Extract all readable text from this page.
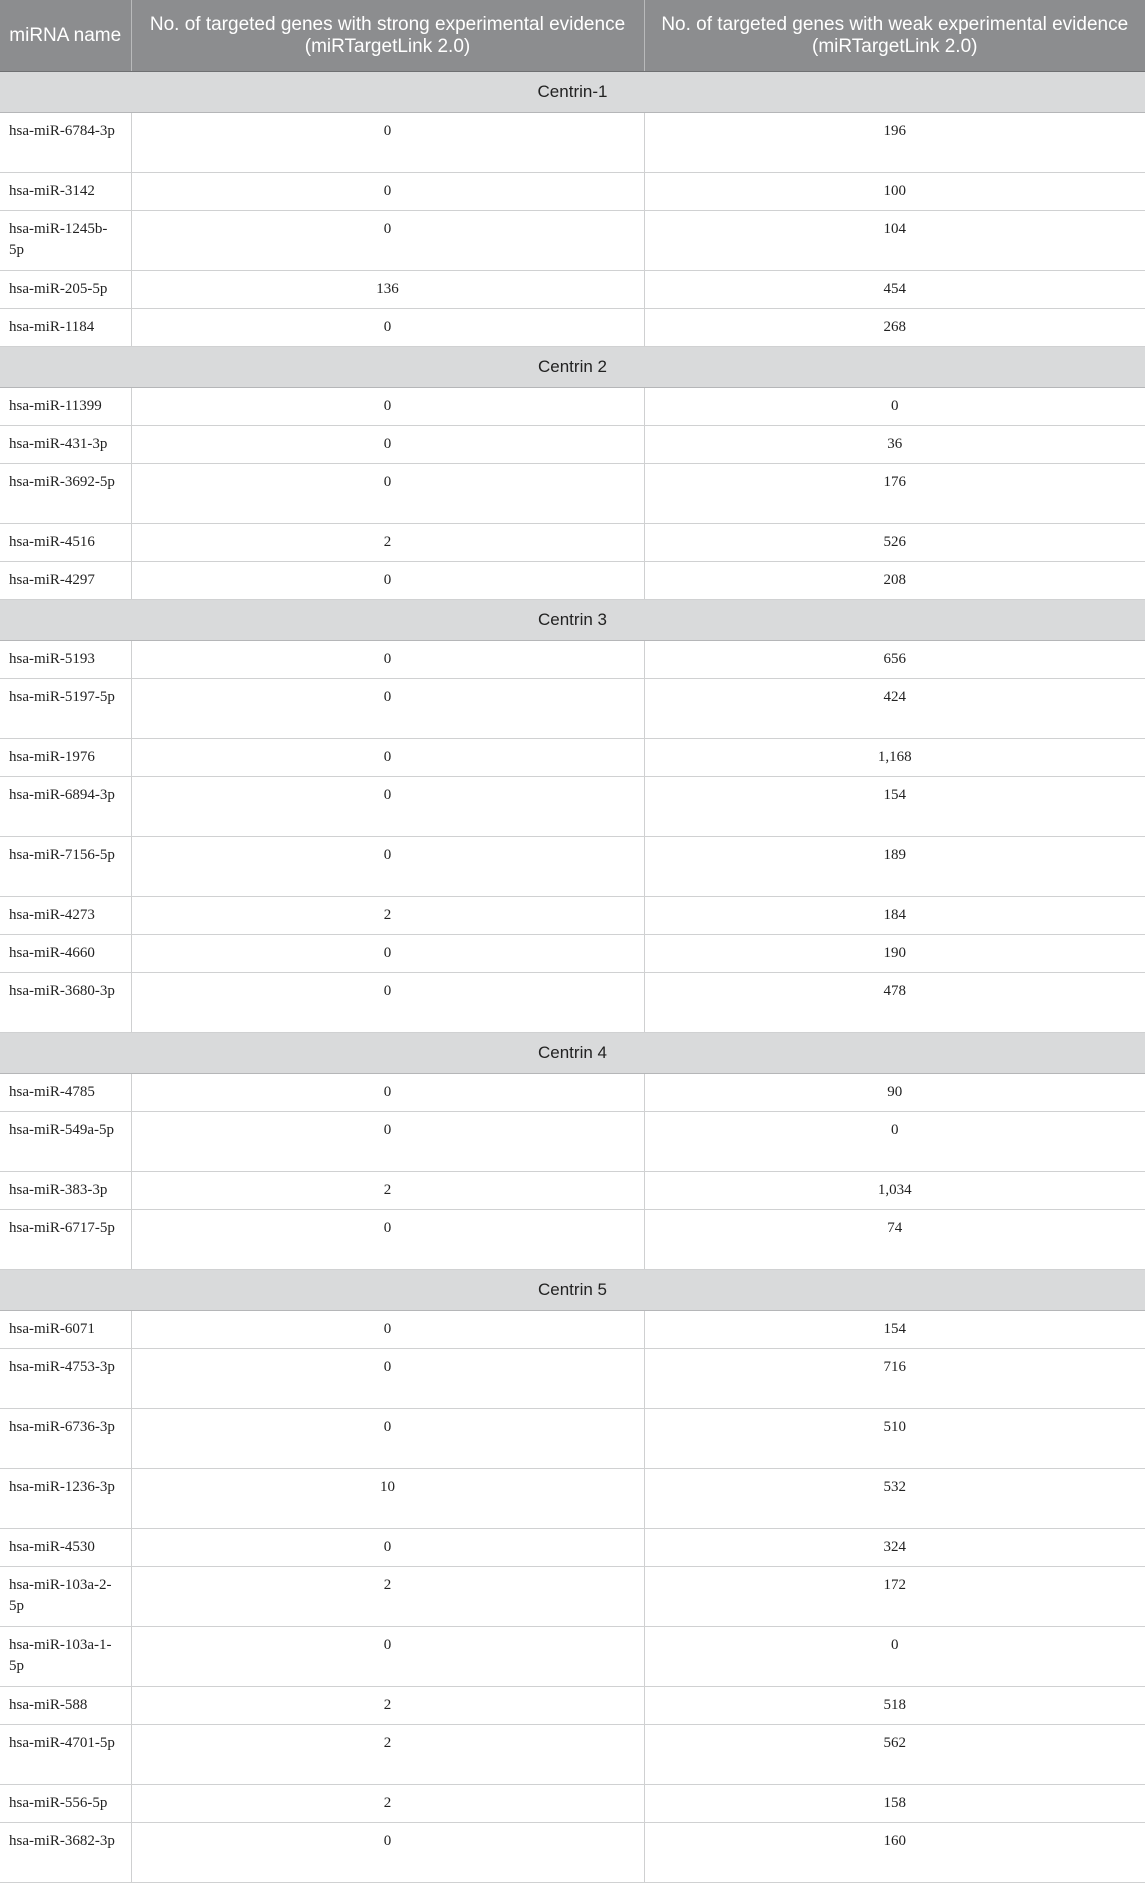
miRNA name	No. of targeted genes with strong experimental evidence (miRTargetLink 2.0)	No. of targeted genes with weak experimental evidence (miRTargetLink 2.0)
Centrin-1		
hsa-miR-6784-3p	0	196
hsa-miR-3142	0	100
hsa-miR-1245b-5p	0	104
hsa-miR-205-5p	136	454
hsa-miR-1184	0	268
Centrin 2		
hsa-miR-11399	0	0
hsa-miR-431-3p	0	36
hsa-miR-3692-5p	0	176
hsa-miR-4516	2	526
hsa-miR-4297	0	208
Centrin 3		
hsa-miR-5193	0	656
hsa-miR-5197-5p	0	424
hsa-miR-1976	0	1,168
hsa-miR-6894-3p	0	154
hsa-miR-7156-5p	0	189
hsa-miR-4273	2	184
hsa-miR-4660	0	190
hsa-miR-3680-3p	0	478
Centrin 4		
hsa-miR-4785	0	90
hsa-miR-549a-5p	0	0
hsa-miR-383-3p	2	1,034
hsa-miR-6717-5p	0	74
Centrin 5		
hsa-miR-6071	0	154
hsa-miR-4753-3p	0	716
hsa-miR-6736-3p	0	510
hsa-miR-1236-3p	10	532
hsa-miR-4530	0	324
hsa-miR-103a-2-5p	2	172
hsa-miR-103a-1-5p	0	0
hsa-miR-588	2	518
hsa-miR-4701-5p	2	562
hsa-miR-556-5p	2	158
hsa-miR-3682-3p	0	160
